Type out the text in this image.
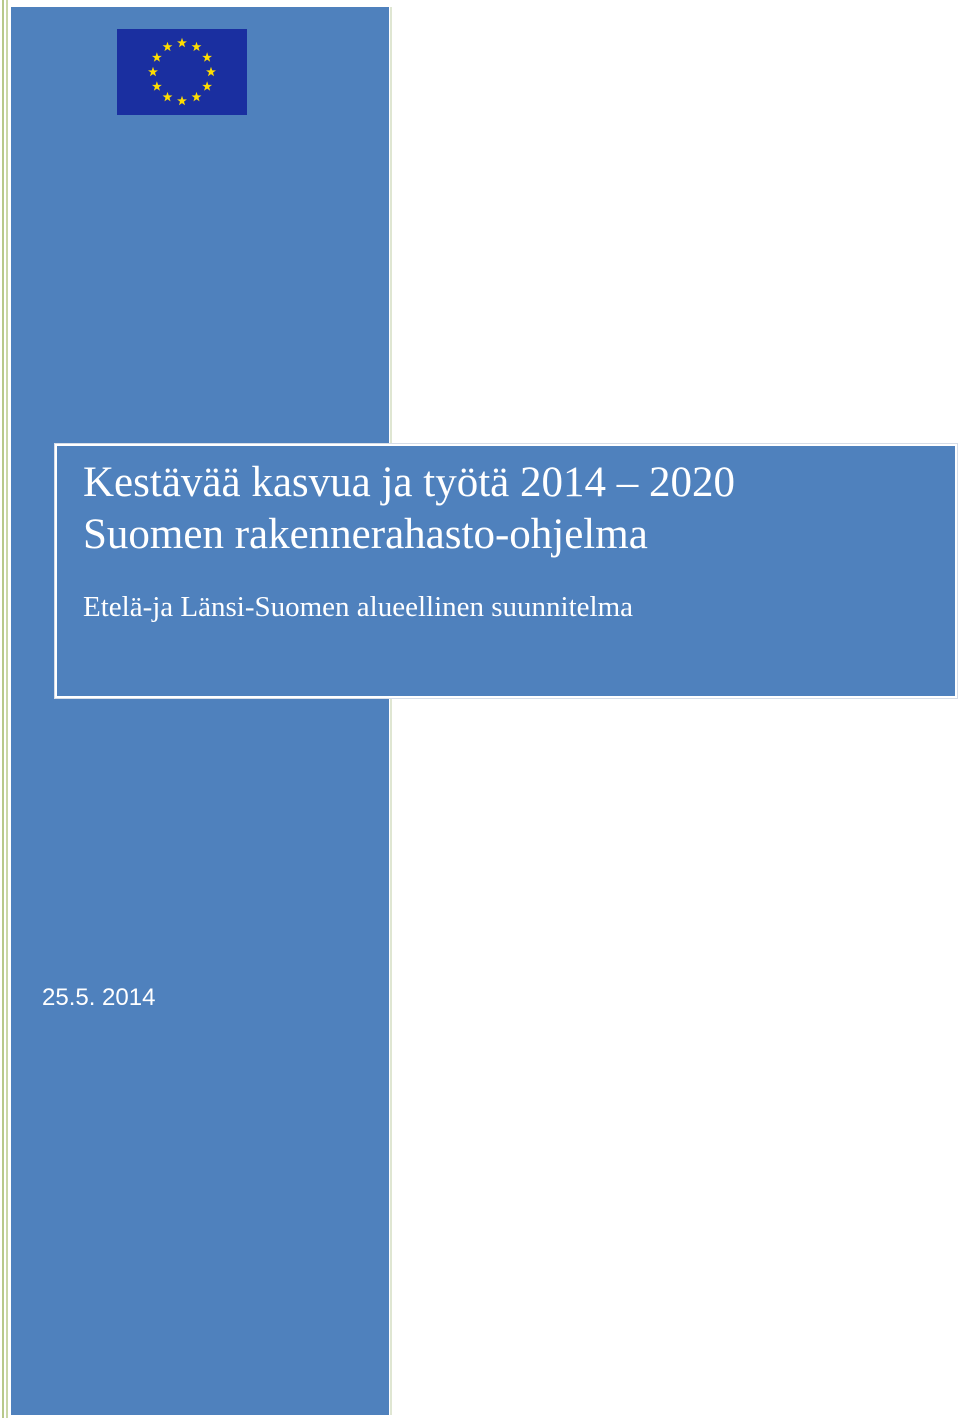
25.5. 2014
Kestävää kasvua ja työtä 2014 – 2020
Suomen rakennerahasto-ohjelma

Etelä-ja Länsi-Suomen alueellinen suunnitelma
